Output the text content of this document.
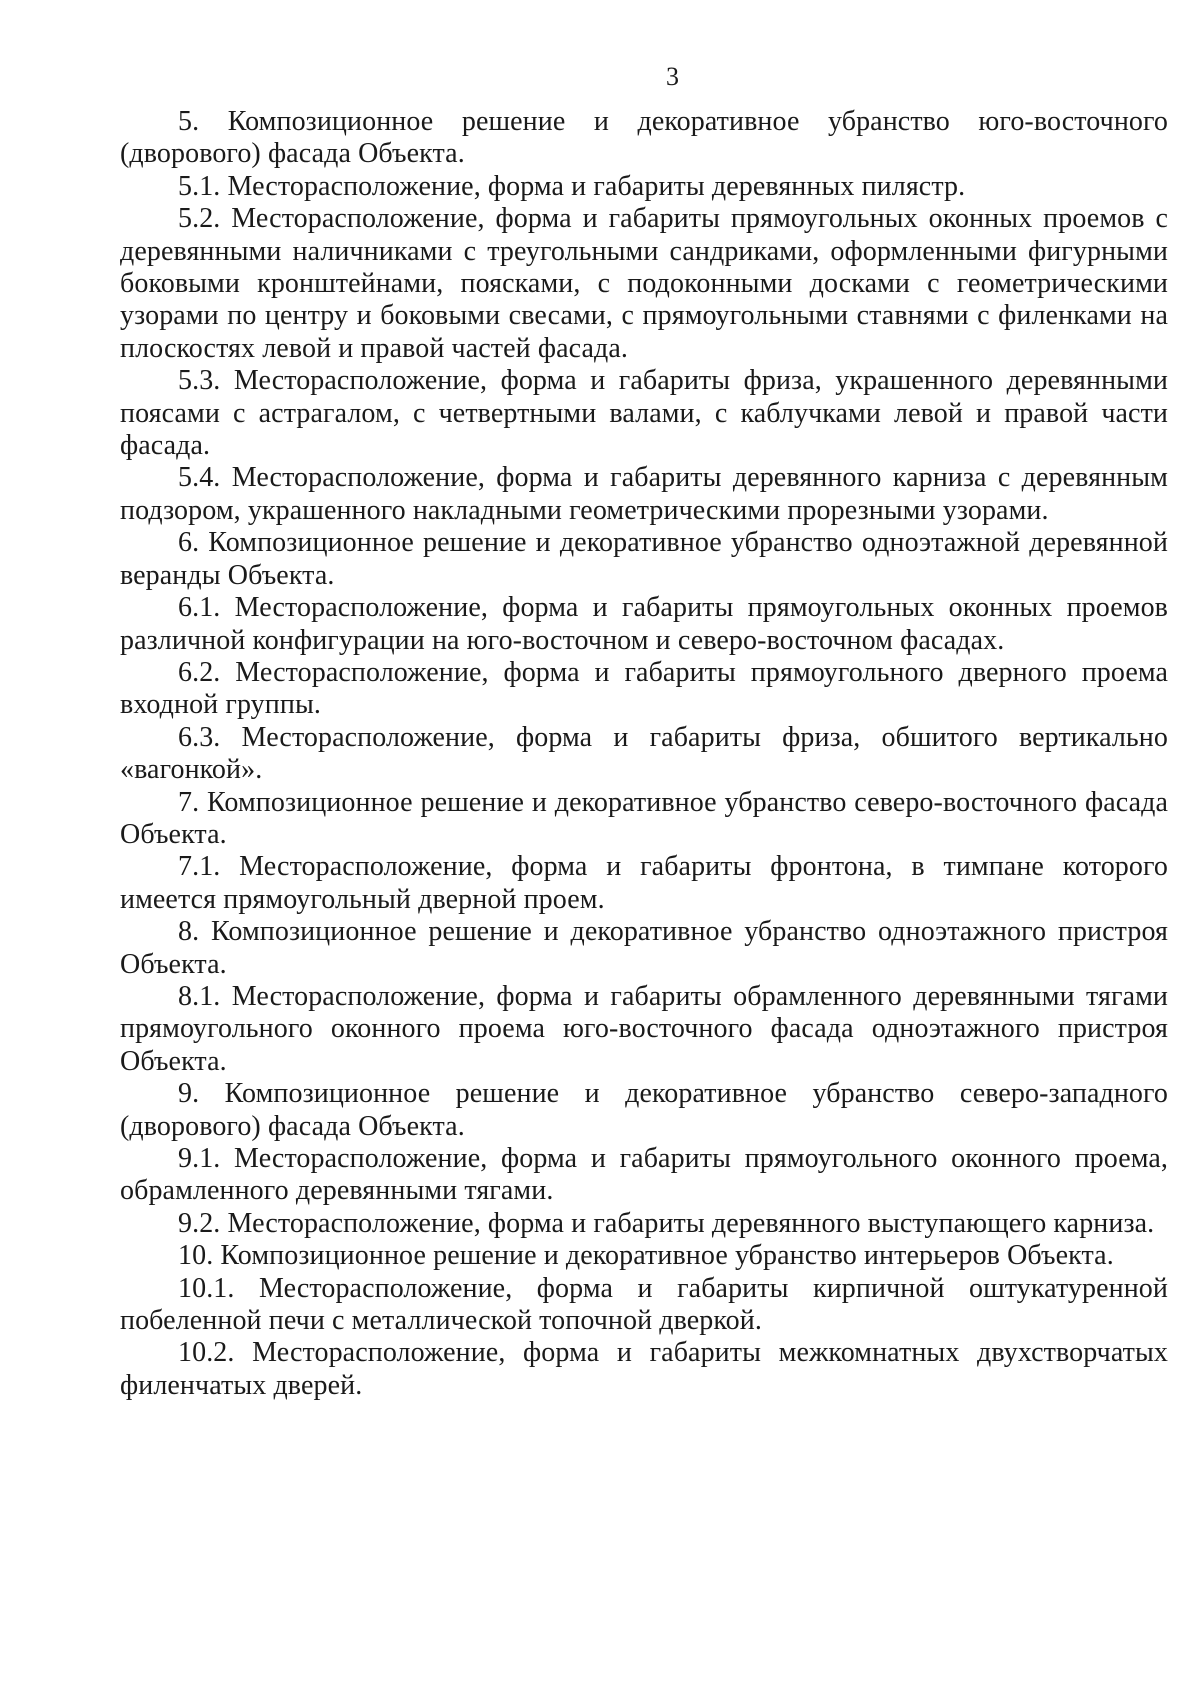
3

5. Композиционное решение и декоративное убранство юго-восточного (дворового) фасада Объекта.

5.1. Месторасположение, форма и габариты деревянных пилястр.

5.2. Месторасположение, форма и габариты прямоугольных оконных проемов с деревянными наличниками с треугольными сандриками, оформленными фигурными боковыми кронштейнами, поясками, с подоконными досками с геометрическими узорами по центру и боковыми свесами, с прямоугольными ставнями с филенками на плоскостях левой и правой частей фасада.

5.3. Месторасположение, форма и габариты фриза, украшенного деревянными поясами с астрагалом, с четвертными валами, с каблучками левой и правой части фасада.

5.4. Месторасположение, форма и габариты деревянного карниза с деревянным подзором, украшенного накладными геометрическими прорезными узорами.

6. Композиционное решение и декоративное убранство одноэтажной деревянной веранды Объекта.

6.1. Месторасположение, форма и габариты прямоугольных оконных проемов различной конфигурации на юго-восточном и северо-восточном фасадах.

6.2. Месторасположение, форма и габариты прямоугольного дверного проема входной группы.

6.3. Месторасположение, форма и габариты фриза, обшитого вертикально «вагонкой».

7. Композиционное решение и декоративное убранство северо-восточного фасада Объекта.

7.1. Месторасположение, форма и габариты фронтона, в тимпане которого имеется прямоугольный дверной проем.

8. Композиционное решение и декоративное убранство одноэтажного пристроя Объекта.

8.1. Месторасположение, форма и габариты обрамленного деревянными тягами прямоугольного оконного проема юго-восточного фасада одноэтажного пристроя Объекта.

9. Композиционное решение и декоративное убранство северо-западного (дворового) фасада Объекта.

9.1. Месторасположение, форма и габариты прямоугольного оконного проема, обрамленного деревянными тягами.

9.2. Месторасположение, форма и габариты деревянного выступающего карниза.

10. Композиционное решение и декоративное убранство интерьеров Объекта.

10.1. Месторасположение, форма и габариты кирпичной оштукатуренной побеленной печи с металлической топочной дверкой.

10.2. Месторасположение, форма и габариты межкомнатных двухстворчатых филенчатых дверей.
